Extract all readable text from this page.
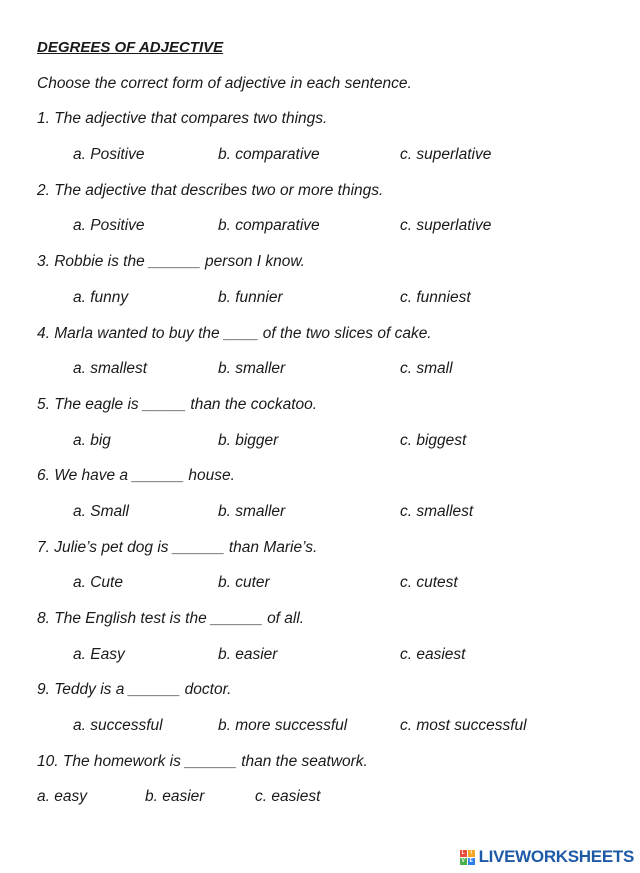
DEGREES OF ADJECTIVE
Choose the correct form of adjective in each sentence.
1. The adjective that compares two things.
a. Positive	b. comparative	c. superlative
2. The adjective that describes two or more things.
a. Positive	b. comparative	c. superlative
3. Robbie is the ______ person I know.
a. funny	b. funnier	c. funniest
4. Marla wanted to buy the ____ of the two slices of cake.
a. smallest	b. smaller	c. small
5. The eagle is _____ than the cockatoo.
a. big	b. bigger	c. biggest
6. We have a ______ house.
a. Small	b. smaller	c. smallest
7. Julie’s pet dog is ______ than Marie’s.
a. Cute	b. cuter	c. cutest
8. The English test is the ______ of all.
a. Easy	b. easier	c. easiest
9. Teddy is a ______ doctor.
a. successful	b. more successful	c. most successful
10. The homework is ______ than the seatwork.
a. easy	b. easier	c. easiest
L	I
V E LIVEWORKSHEETS
